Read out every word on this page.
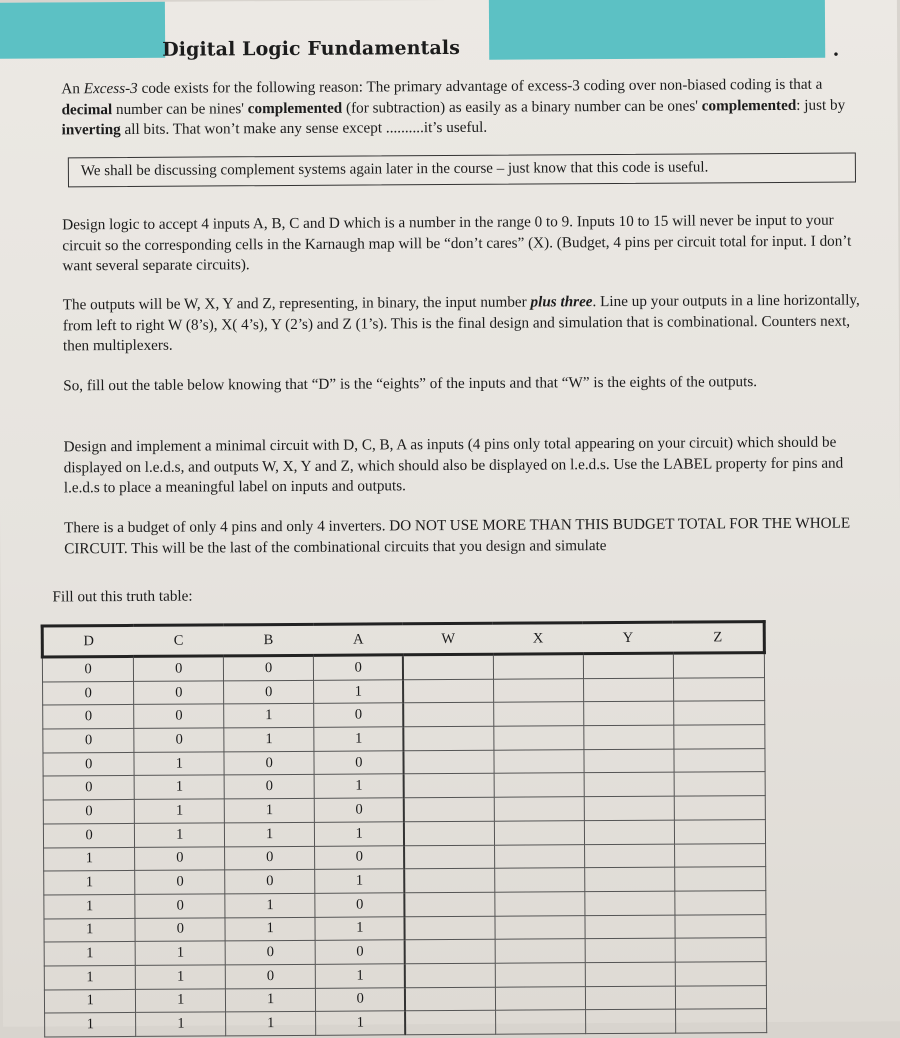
Digital Logic Fundamentals	.
An Excess-3 code exists for the following reason: The primary advantage of excess-3 coding over non-biased coding is that a decimal number can be nines' complemented (for subtraction) as easily as a binary number can be ones' complemented: just by inverting all bits. That won’t make any sense except ..........it’s useful.
We shall be discussing complement systems again later in the course – just know that this code is useful.
Design logic to accept 4 inputs A, B, C and D which is a number in the range 0 to 9. Inputs 10 to 15 will never be input to your circuit so the corresponding cells in the Karnaugh map will be “don’t cares” (X). (Budget, 4 pins per circuit total for input. I don’t want several separate circuits).
The outputs will be W, X, Y and Z, representing, in binary, the input number plus three. Line up your outputs in a line horizontally, from left to right W (8’s), X( 4’s), Y (2’s) and Z (1’s). This is the final design and simulation that is combinational. Counters next, then multiplexers.
So, fill out the table below knowing that “D” is the “eights” of the inputs and that “W” is the eights of the outputs.
Design and implement a minimal circuit with D, C, B, A as inputs (4 pins only total appearing on your circuit) which should be displayed on l.e.d.s, and outputs W, X, Y and Z, which should also be displayed on l.e.d.s. Use the LABEL property for pins and l.e.d.s to place a meaningful label on inputs and outputs.
There is a budget of only 4 pins and only 4 inverters. DO NOT USE MORE THAN THIS BUDGET TOTAL FOR THE WHOLE CIRCUIT. This will be the last of the combinational circuits that you design and simulate
Fill out this truth table:
D	C	B	A	W	X	Y	Z
0	0	0	0				
0	0	0	1				
0	0	1	0				
0	0	1	1				
0	1	0	0				
0	1	0	1				
0	1	1	0				
0	1	1	1				
1	0	0	0				
1	0	0	1				
1	0	1	0				
1	0	1	1				
1	1	0	0				
1	1	0	1				
1	1	1	0				
1	1	1	1				
